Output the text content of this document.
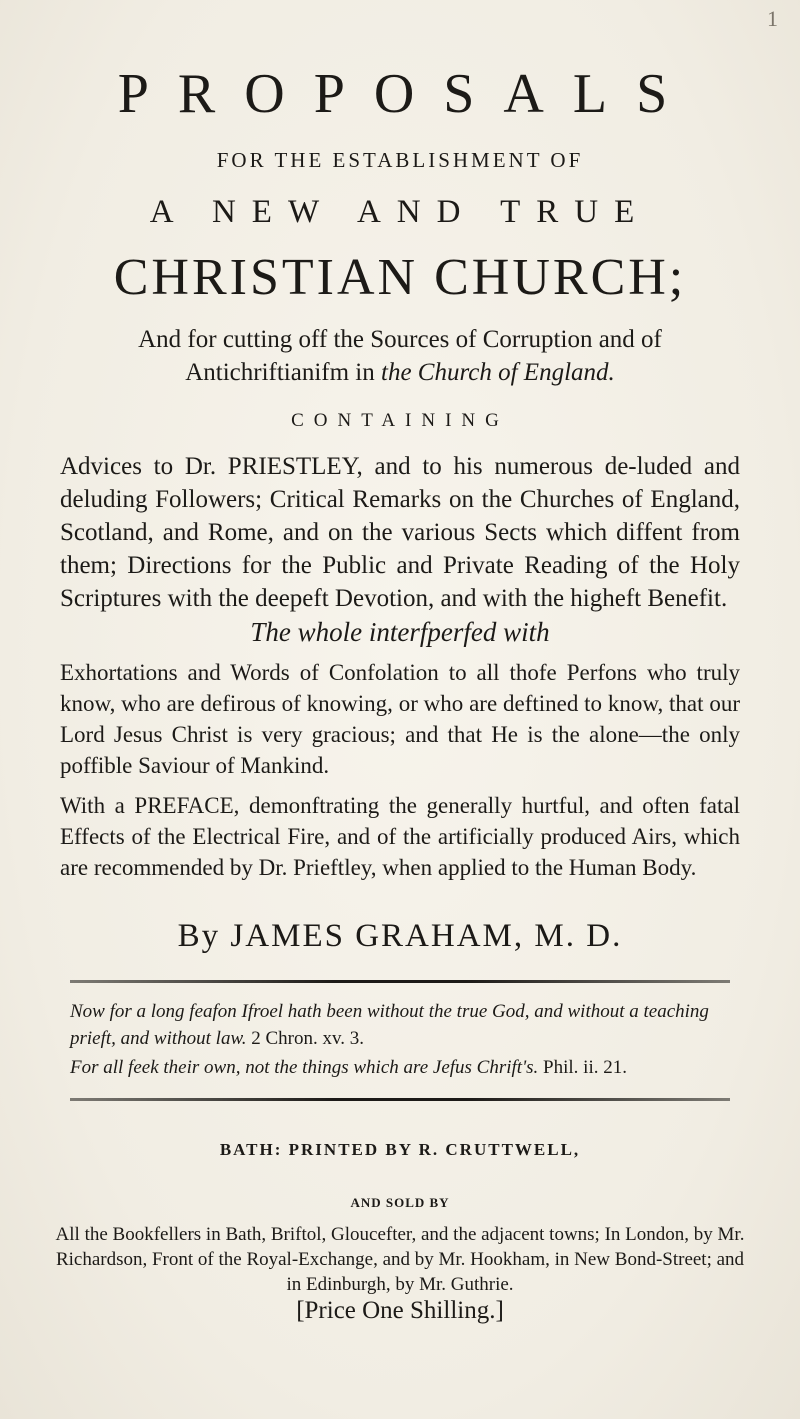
1
PROPOSALS
FOR THE ESTABLISHMENT OF
A NEW AND TRUE
CHRISTIAN CHURCH;
And for cutting off the Sources of Corruption and of Antichriftianifm in the Church of England.
CONTAINING
Advices to Dr. PRIESTLEY, and to his numerous de-luded and deluding Followers; Critical Remarks on the Churches of England, Scotland, and Rome, and on the various Sects which diffent from them; Directions for the Public and Private Reading of the Holy Scriptures with the deepeft Devotion, and with the higheft Benefit.
The whole interfperfed with
Exhortations and Words of Confolation to all thofe Perfons who truly know, who are defirous of knowing, or who are deftined to know, that our Lord Jesus Christ is very gracious; and that He is the alone—the only poffible Saviour of Mankind.
With a PREFACE, demonftrating the generally hurtful, and often fatal Effects of the Electrical Fire, and of the artificially produced Airs, which are recommended by Dr. Prieftley, when applied to the Human Body.
By JAMES GRAHAM, M. D.
Now for a long feafon Ifroel hath been without the true God, and without a teaching prieft, and without law. 2 Chron. xv. 3.
For all feek their own, not the things which are Jefus Chrift's. Phil. ii. 21.
BATH: PRINTED BY R. CRUTTWELL,
AND SOLD BY
All the Bookfellers in Bath, Briftol, Gloucefter, and the adjacent towns; In London, by Mr. Richardson, Front of the Royal-Exchange, and by Mr. Hookham, in New Bond-Street; and in Edinburgh, by Mr. Guthrie.
[Price One Shilling.]
